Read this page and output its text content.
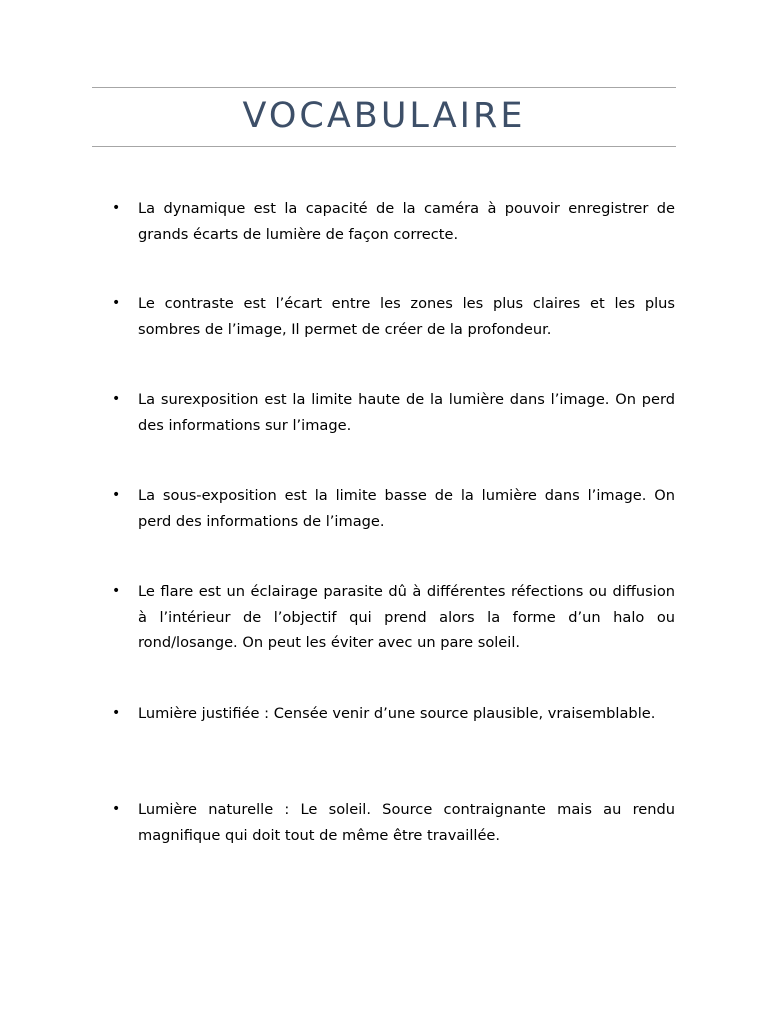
VOCABULAIRE
• La dynamique est la capacité de la caméra à pouvoir enregistrer de grands écarts de lumière de façon correcte.
• Le contraste est l’écart entre les zones les plus claires et les plus sombres de l’image, Il permet de créer de la profondeur.
• La surexposition est la limite haute de la lumière dans l’image. On perd des informations sur l’image.
• La sous-exposition est la limite basse de la lumière dans l’image. On perd des informations de l’image.
• Le flare est un éclairage parasite dû à différentes réfections ou diffusion à l’intérieur de l’objectif qui prend alors la forme d’un halo ou rond/losange. On peut les éviter avec un pare soleil.
• Lumière justifiée : Censée venir d’une source plausible, vraisemblable.
• Lumière naturelle : Le soleil. Source contraignante mais au rendu magnifique qui doit tout de même être travaillée.
